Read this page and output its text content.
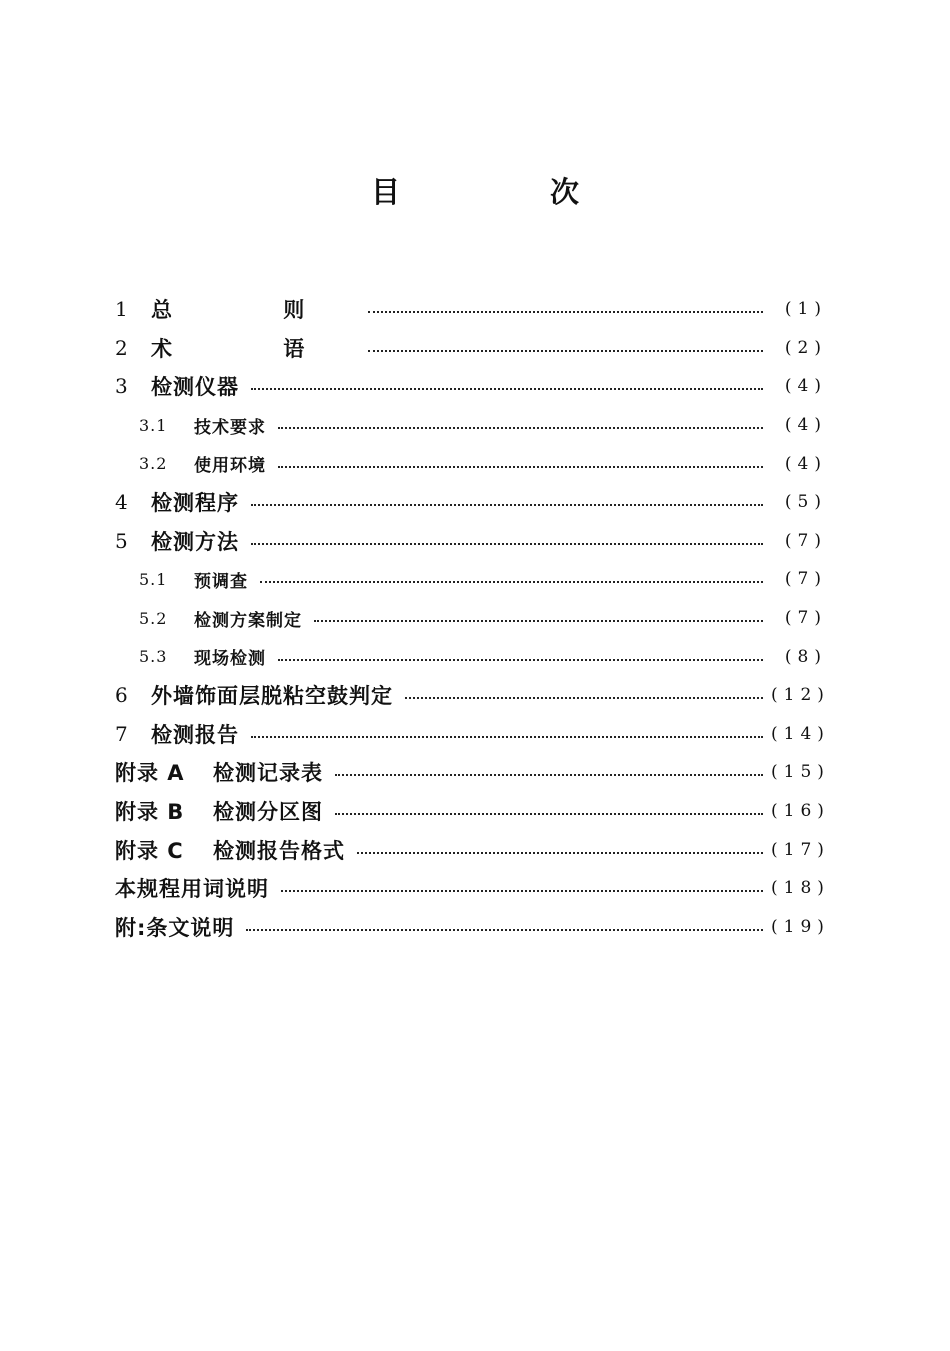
目 次
1	总 则	(1)
2	术 语	(2)
3	检测仪器	(4)
3.1	技术要求	(4)
3.2	使用环境	(4)
4	检测程序	(5)
5	检测方法	(7)
5.1	预调查	(7)
5.2	检测方案制定	(7)
5.3	现场检测	(8)
6	外墙饰面层脱粘空鼓判定	(12)
7	检测报告	(14)
附录 A	检测记录表	(15)
附录 B	检测分区图	(16)
附录 C	检测报告格式	(17)
本规程用词说明	(18)
附:条文说明	(19)
